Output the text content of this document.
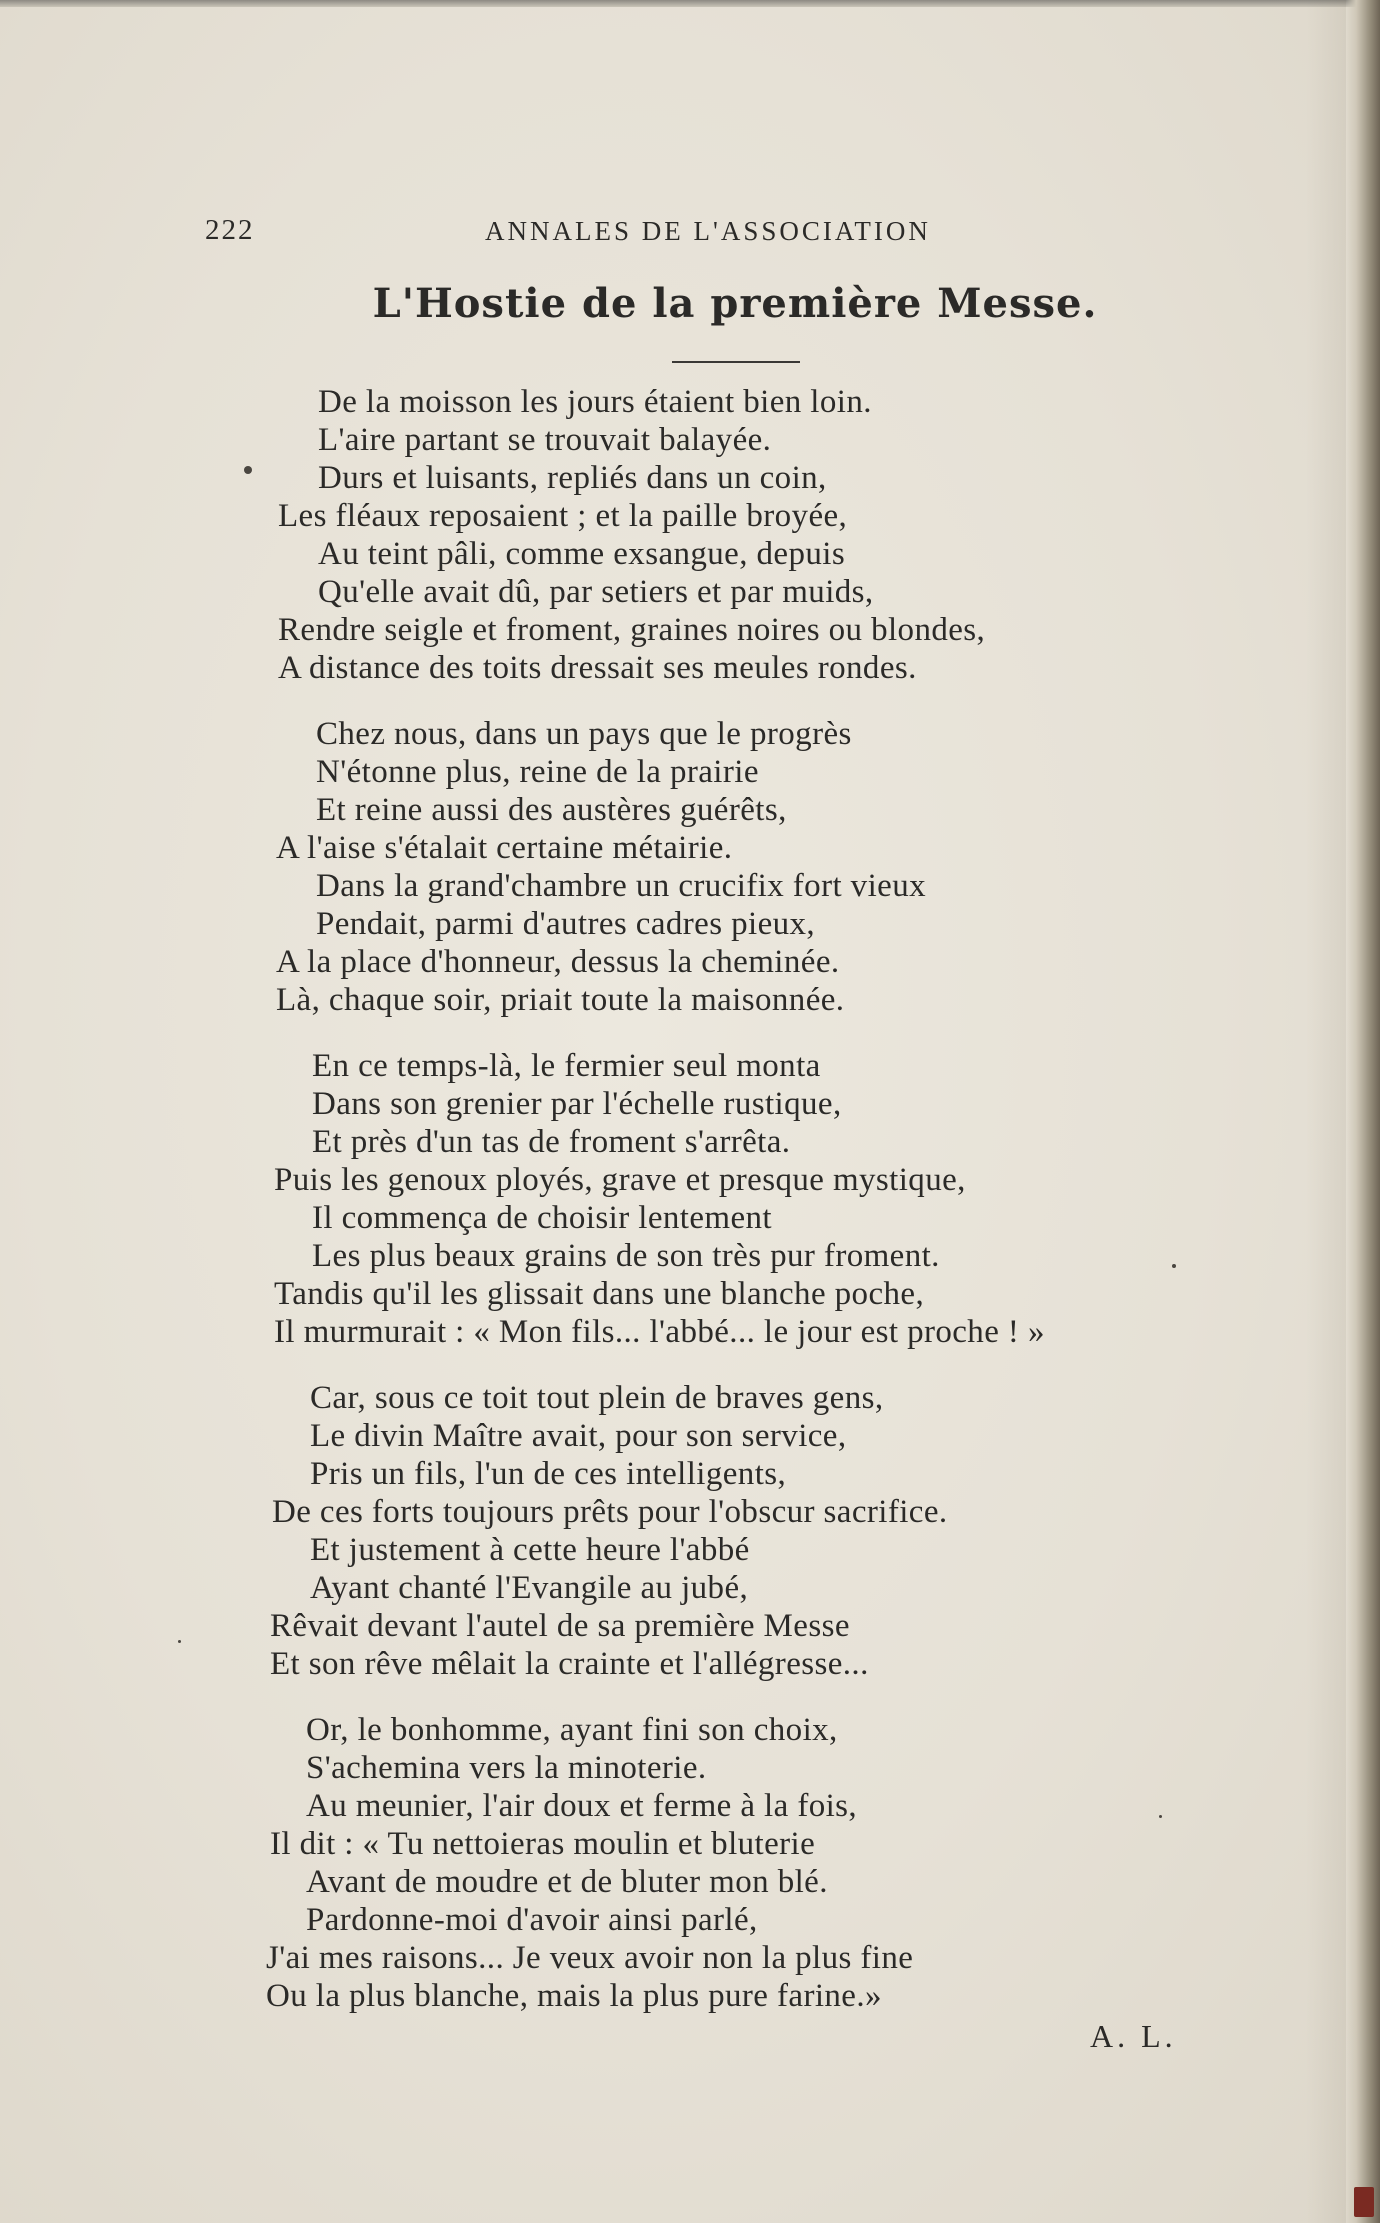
222	ANNALES DE L'ASSOCIATION
L'Hostie de la première Messe.

De la moisson les jours étaient bien loin.

L'aire partant se trouvait balayée.

Durs et luisants, repliés dans un coin,

Les fléaux reposaient ; et la paille broyée,

Au teint pâli, comme exsangue, depuis

Qu'elle avait dû, par setiers et par muids,

Rendre seigle et froment, graines noires ou blondes,

A distance des toits dressait ses meules rondes.

Chez nous, dans un pays que le progrès

N'étonne plus, reine de la prairie

Et reine aussi des austères guérêts,

A l'aise s'étalait certaine métairie.

Dans la grand'chambre un crucifix fort vieux

Pendait, parmi d'autres cadres pieux,

A la place d'honneur, dessus la cheminée.

Là, chaque soir, priait toute la maisonnée.

En ce temps-là, le fermier seul monta

Dans son grenier par l'échelle rustique,

Et près d'un tas de froment s'arrêta.

Puis les genoux ployés, grave et presque mystique,

Il commença de choisir lentement

Les plus beaux grains de son très pur froment.

Tandis qu'il les glissait dans une blanche poche,

Il murmurait : « Mon fils... l'abbé... le jour est proche ! »

Car, sous ce toit tout plein de braves gens,

Le divin Maître avait, pour son service,

Pris un fils, l'un de ces intelligents,

De ces forts toujours prêts pour l'obscur sacrifice.

Et justement à cette heure l'abbé

Ayant chanté l'Evangile au jubé,

Rêvait devant l'autel de sa première Messe

Et son rêve mêlait la crainte et l'allégresse...

Or, le bonhomme, ayant fini son choix,

S'achemina vers la minoterie.

Au meunier, l'air doux et ferme à la fois,

Il dit : « Tu nettoieras moulin et bluterie

Avant de moudre et de bluter mon blé.

Pardonne-moi d'avoir ainsi parlé,

J'ai mes raisons... Je veux avoir non la plus fine

Ou la plus blanche, mais la plus pure farine.»

A. L.
